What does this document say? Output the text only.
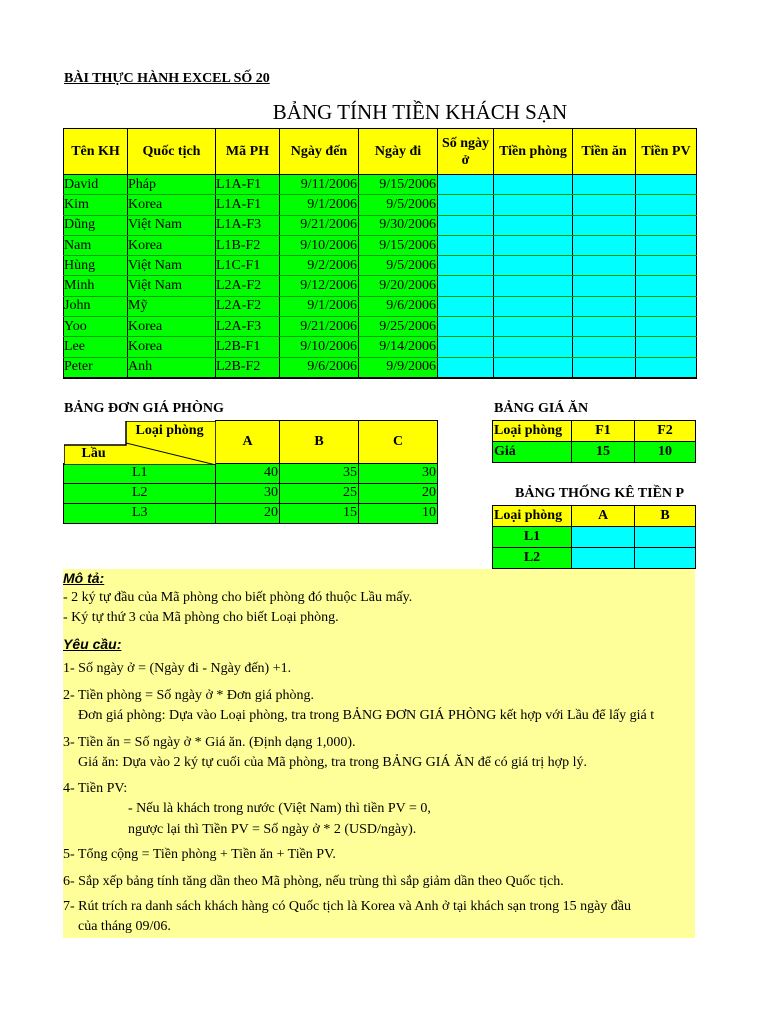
BÀI THỰC HÀNH EXCEL SỐ 20
BẢNG TÍNH TIỀN KHÁCH SẠN
Tên KH	Quốc tịch	Mã PH	Ngày đến	Ngày đi	Số ngày ở	Tiền phòng	Tiền ăn	Tiền PV
David	Pháp	L1A-F1	9/11/2006	9/15/2006				
Kim	Korea	L1A-F1	9/1/2006	9/5/2006				
Dũng	Việt Nam	L1A-F3	9/21/2006	9/30/2006				
Nam	Korea	L1B-F2	9/10/2006	9/15/2006				
Hùng	Việt Nam	L1C-F1	9/2/2006	9/5/2006				
Minh	Việt Nam	L2A-F2	9/12/2006	9/20/2006				
John	Mỹ	L2A-F2	9/1/2006	9/6/2006				
Yoo	Korea	L2A-F3	9/21/2006	9/25/2006				
Lee	Korea	L2B-F1	9/10/2006	9/14/2006				
Peter	Anh	L2B-F2	9/6/2006	9/9/2006				
BẢNG ĐƠN GIÁ PHÒNG
Loại phòng
Lầu	A	B	C
L1	40	35	30
L2	30	25	20
L3	20	15	10
BẢNG GIÁ ĂN
Loại phòng	F1	F2
Giá	15	10
BẢNG THỐNG KÊ TIỀN P
Loại phòng	A	B
L1		
L2		

Mô tả:

- 2 ký tự đầu của Mã phòng cho biết phòng đó thuộc Lầu mấy.

- Ký tự thứ 3 của Mã phòng cho biết Loại phòng.

Yêu cầu:

1- Số ngày ở = (Ngày đi - Ngày đến) +1.

2- Tiền phòng = Số ngày ở * Đơn giá phòng.

Đơn giá phòng: Dựa vào Loại phòng, tra trong BẢNG ĐƠN GIÁ PHÒNG kết hợp với Lầu để lấy giá t

3- Tiền ăn = Số ngày ở * Giá ăn. (Định dạng 1,000).

Giá ăn: Dựa vào 2 ký tự cuối của Mã phòng, tra trong BẢNG GIÁ ĂN để có giá trị hợp lý.

4- Tiền PV:

- Nếu là khách trong nước (Việt Nam) thì tiền PV = 0,

ngược lại thì Tiền PV = Số ngày ở * 2 (USD/ngày).

5- Tổng cộng = Tiền phòng + Tiền ăn + Tiền PV.

6- Sắp xếp bảng tính tăng dần theo Mã phòng, nếu trùng thì sắp giảm dần theo Quốc tịch.

7- Rút trích ra danh sách khách hàng có Quốc tịch là Korea và Anh ở tại khách sạn trong 15 ngày đầu

của tháng 09/06.
